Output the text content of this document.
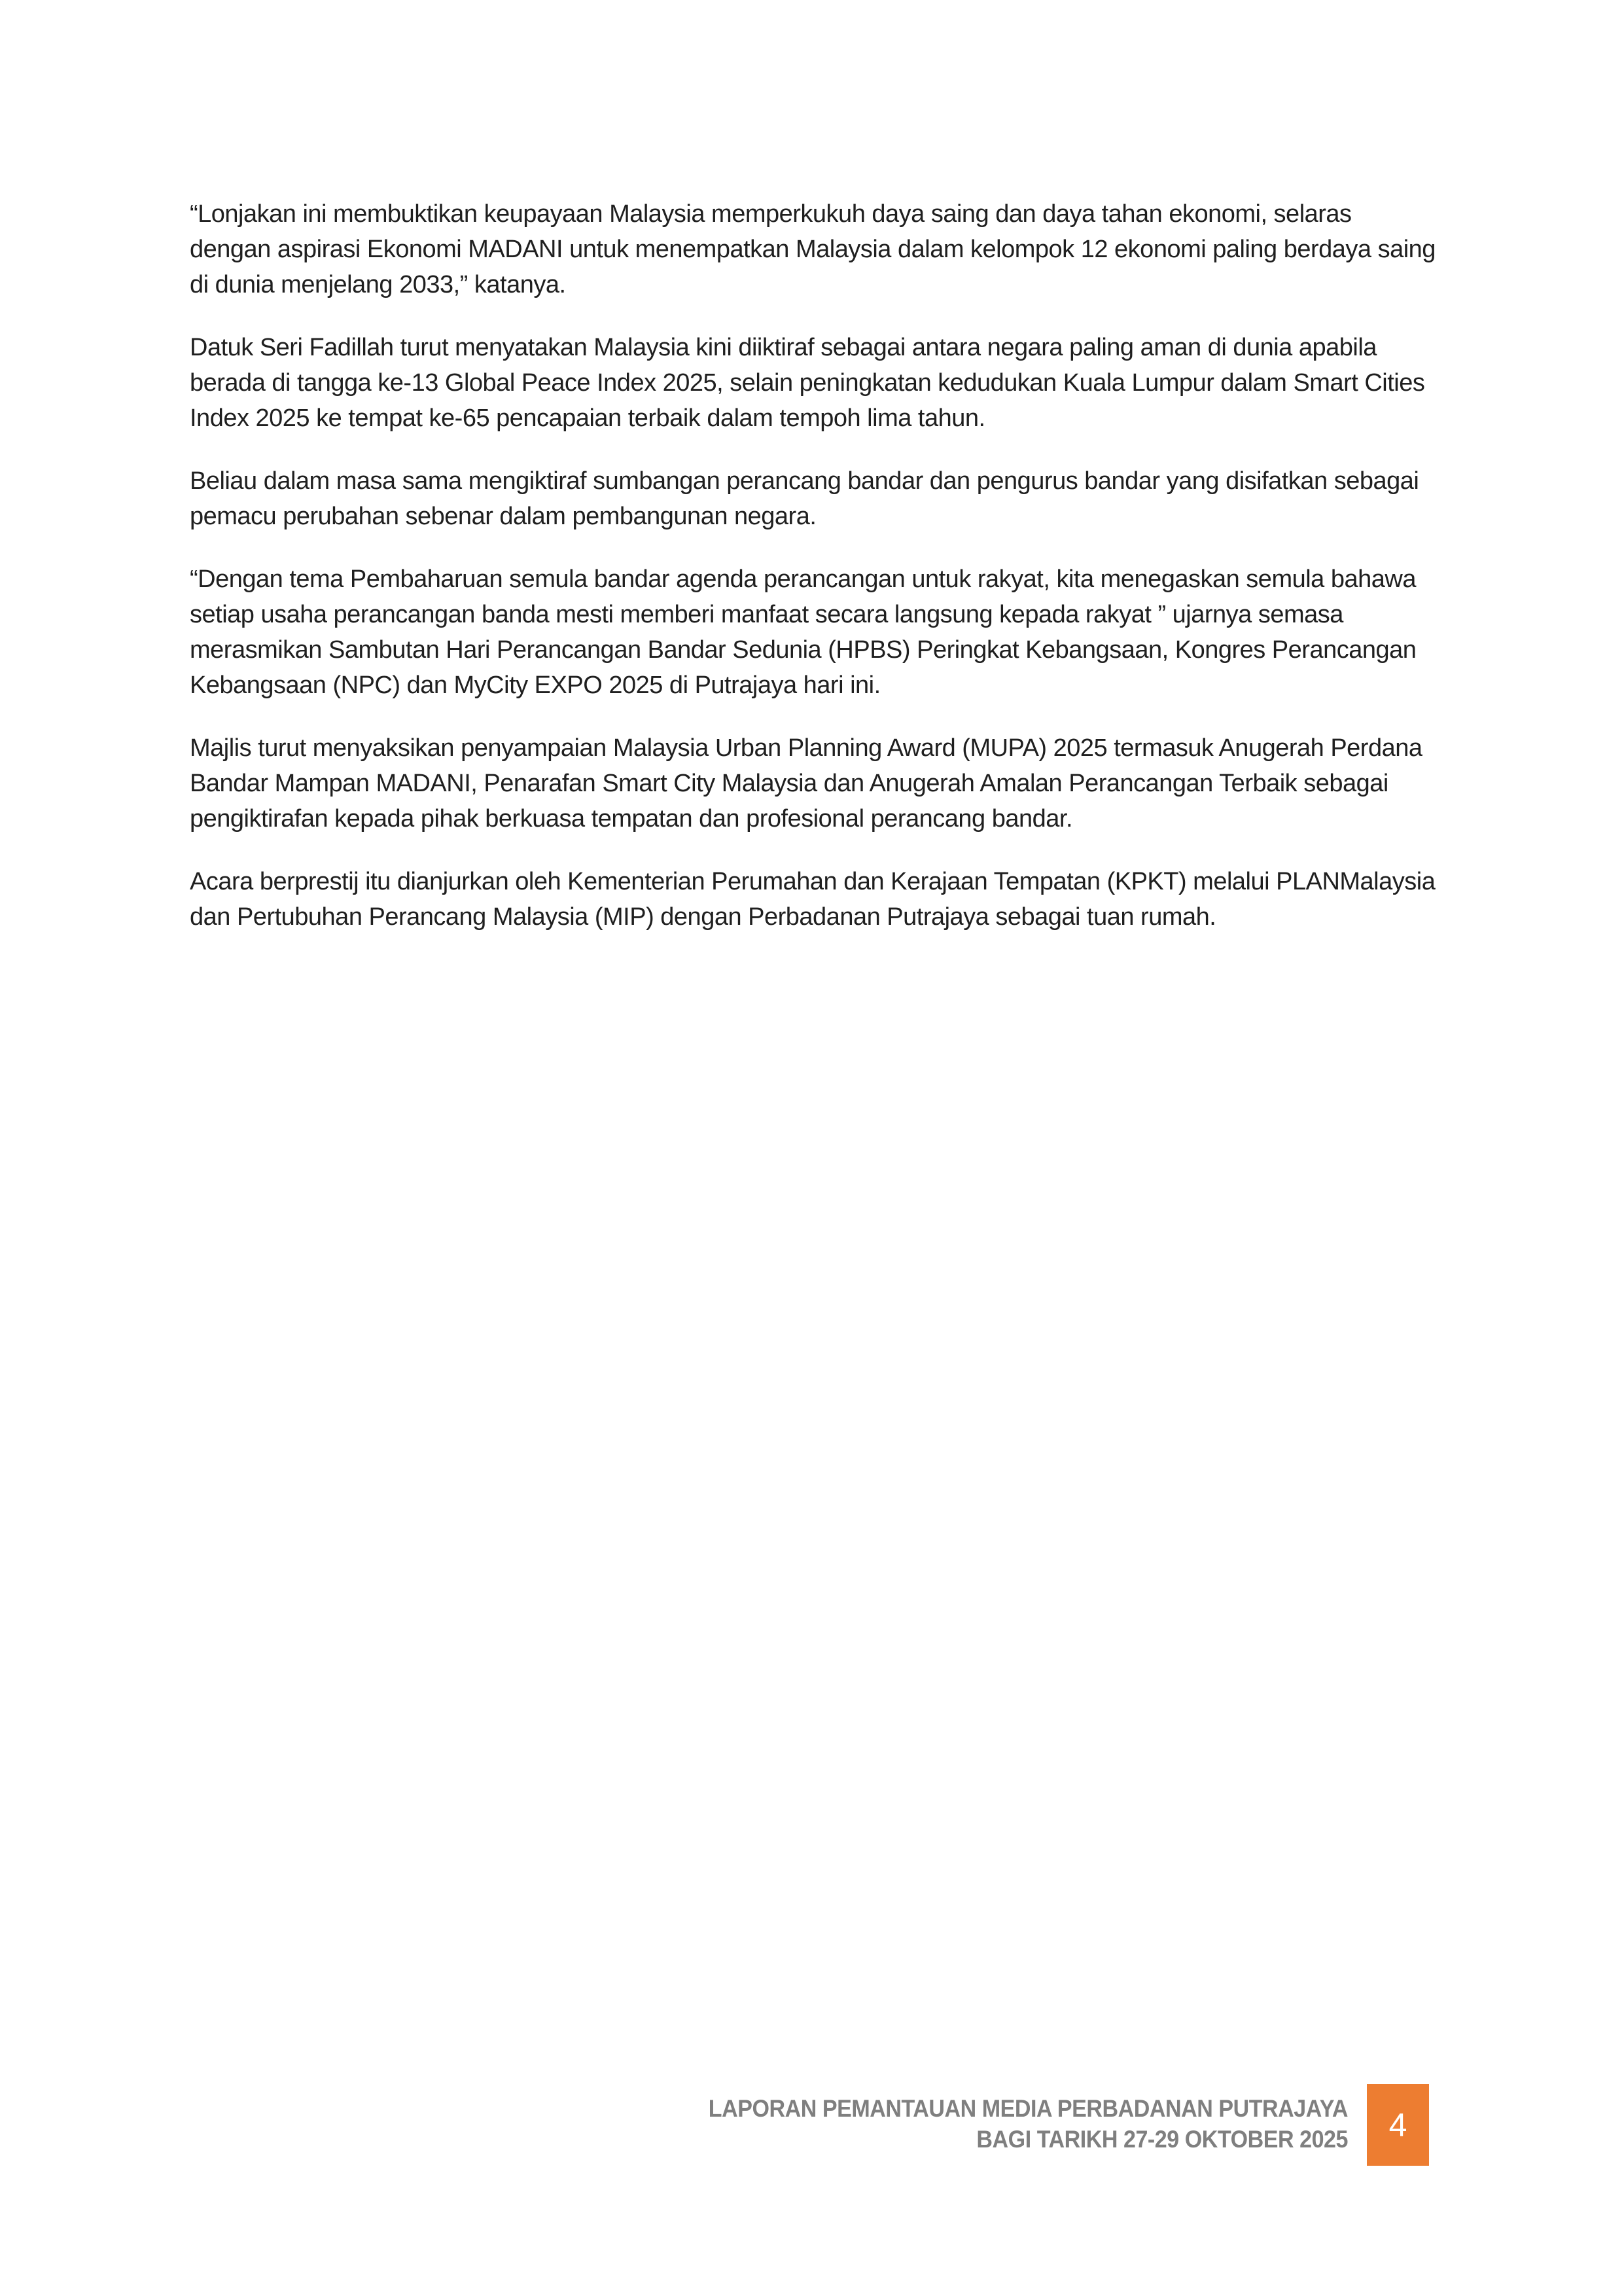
“Lonjakan ini membuktikan keupayaan Malaysia memperkukuh daya saing dan daya tahan ekonomi, selaras dengan aspirasi Ekonomi MADANI untuk menempatkan Malaysia dalam kelompok 12 ekonomi paling berdaya saing di dunia menjelang 2033,” katanya.

Datuk Seri Fadillah turut menyatakan Malaysia kini diiktiraf sebagai antara negara paling aman di dunia apabila berada di tangga ke-13 Global Peace Index 2025, selain peningkatan kedudukan Kuala Lumpur dalam Smart Cities Index 2025 ke tempat ke-65 pencapaian terbaik dalam tempoh lima tahun.

Beliau dalam masa sama mengiktiraf sumbangan perancang bandar dan pengurus bandar yang disifatkan sebagai pemacu perubahan sebenar dalam pembangunan negara.

“Dengan tema Pembaharuan semula bandar agenda perancangan untuk rakyat, kita menegaskan semula bahawa setiap usaha perancangan banda mesti memberi manfaat secara langsung kepada rakyat ” ujarnya semasa merasmikan Sambutan Hari Perancangan Bandar Sedunia (HPBS) Peringkat Kebangsaan, Kongres Perancangan Kebangsaan (NPC) dan MyCity EXPO 2025 di Putrajaya hari ini.

Majlis turut menyaksikan penyampaian Malaysia Urban Planning Award (MUPA) 2025 termasuk Anugerah Perdana Bandar Mampan MADANI, Penarafan Smart City Malaysia dan Anugerah Amalan Perancangan Terbaik sebagai pengiktirafan kepada pihak berkuasa tempatan dan profesional perancang bandar.

Acara berprestij itu dianjurkan oleh Kementerian Perumahan dan Kerajaan Tempatan (KPKT) melalui PLANMalaysia dan Pertubuhan Perancang Malaysia (MIP) dengan Perbadanan Putrajaya sebagai tuan rumah.

LAPORAN PEMANTAUAN MEDIA PERBADANAN PUTRAJAYA
BAGI TARIKH 27-29 OKTOBER 2025	4
